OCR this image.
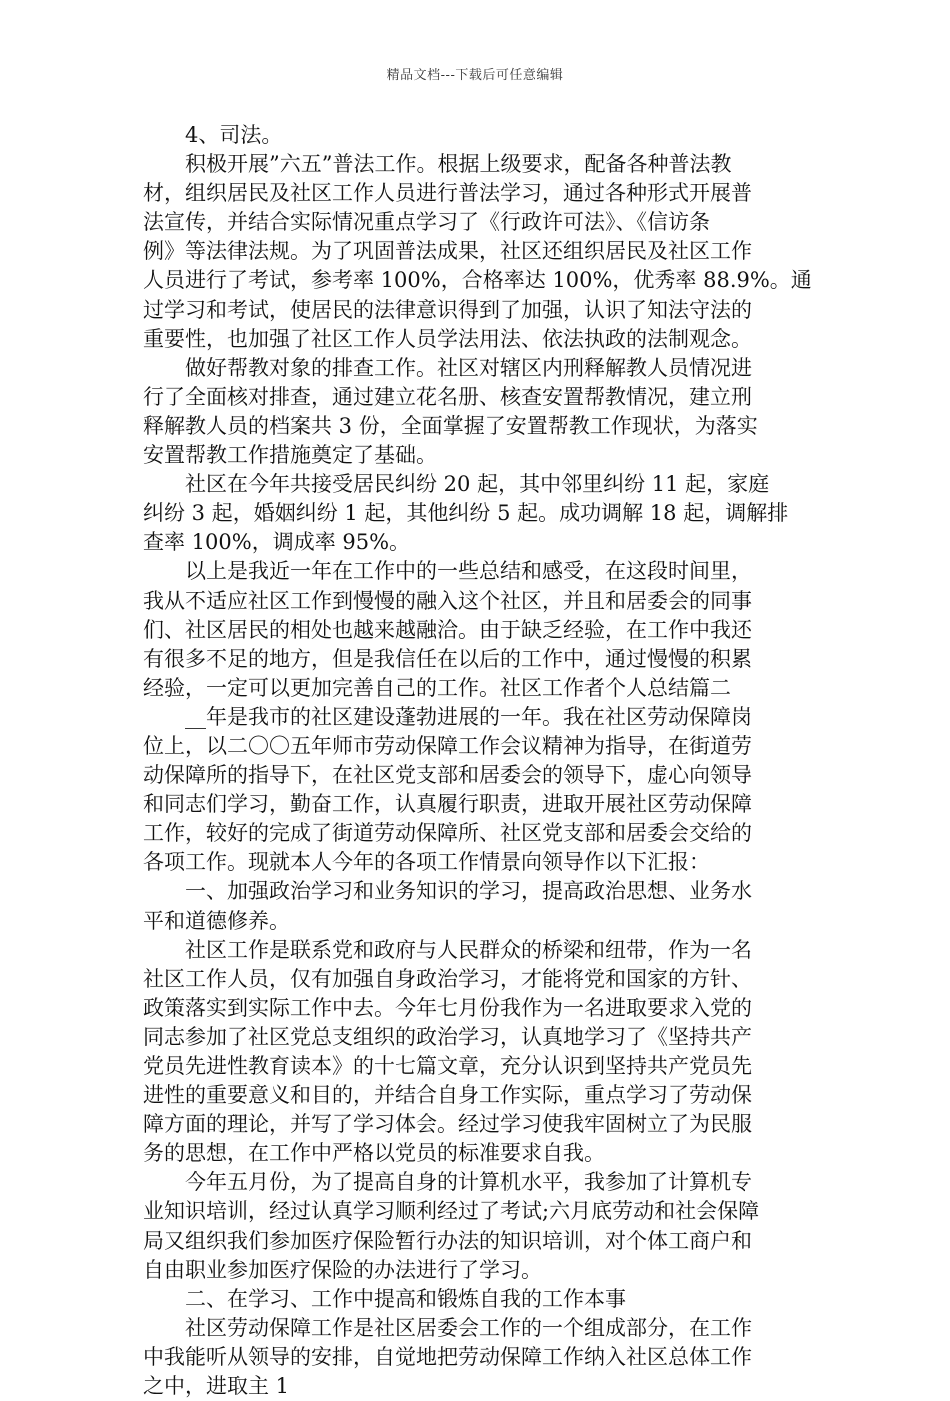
精品文档---下载后可任意编辑
4、司法。
积极开展”六五”普法工作。根据上级要求，配备各种普法教
材，组织居民及社区工作人员进行普法学习，通过各种形式开展普
法宣传，并结合实际情况重点学习了《行政许可法》、《信访条
例》等法律法规。为了巩固普法成果，社区还组织居民及社区工作
人员进行了考试，参考率 100%，合格率达 100%，优秀率 88.9%。通
过学习和考试，使居民的法律意识得到了加强，认识了知法守法的
重要性，也加强了社区工作人员学法用法、依法执政的法制观念。
做好帮教对象的排查工作。社区对辖区内刑释解教人员情况进
行了全面核对排查，通过建立花名册、核查安置帮教情况，建立刑
释解教人员的档案共 3 份，全面掌握了安置帮教工作现状，为落实
安置帮教工作措施奠定了基础。
社区在今年共接受居民纠纷 20 起，其中邻里纠纷 11 起，家庭
纠纷 3 起，婚姻纠纷 1 起，其他纠纷 5 起。成功调解 18 起，调解排
查率 100%，调成率 95%。
以上是我近一年在工作中的一些总结和感受，在这段时间里，
我从不适应社区工作到慢慢的融入这个社区，并且和居委会的同事
们、社区居民的相处也越来越融洽。由于缺乏经验，在工作中我还
有很多不足的地方，但是我信任在以后的工作中，通过慢慢的积累
经验，一定可以更加完善自己的工作。社区工作者个人总结篇二
__年是我市的社区建设蓬勃进展的一年。我在社区劳动保障岗
位上，以二〇〇五年师市劳动保障工作会议精神为指导，在街道劳
动保障所的指导下，在社区党支部和居委会的领导下，虚心向领导
和同志们学习，勤奋工作，认真履行职责，进取开展社区劳动保障
工作，较好的完成了街道劳动保障所、社区党支部和居委会交给的
各项工作。现就本人今年的各项工作情景向领导作以下汇报：
一、加强政治学习和业务知识的学习，提高政治思想、业务水
平和道德修养。
社区工作是联系党和政府与人民群众的桥梁和纽带，作为一名
社区工作人员，仅有加强自身政治学习，才能将党和国家的方针、
政策落实到实际工作中去。今年七月份我作为一名进取要求入党的
同志参加了社区党总支组织的政治学习，认真地学习了《坚持共产
党员先进性教育读本》的十七篇文章，充分认识到坚持共产党员先
进性的重要意义和目的，并结合自身工作实际，重点学习了劳动保
障方面的理论，并写了学习体会。经过学习使我牢固树立了为民服
务的思想，在工作中严格以党员的标准要求自我。
今年五月份，为了提高自身的计算机水平，我参加了计算机专
业知识培训，经过认真学习顺利经过了考试;六月底劳动和社会保障
局又组织我们参加医疗保险暂行办法的知识培训，对个体工商户和
自由职业参加医疗保险的办法进行了学习。
二、在学习、工作中提高和锻炼自我的工作本事
社区劳动保障工作是社区居委会工作的一个组成部分，在工作
中我能听从领导的安排，自觉地把劳动保障工作纳入社区总体工作
之中，进取主 1
